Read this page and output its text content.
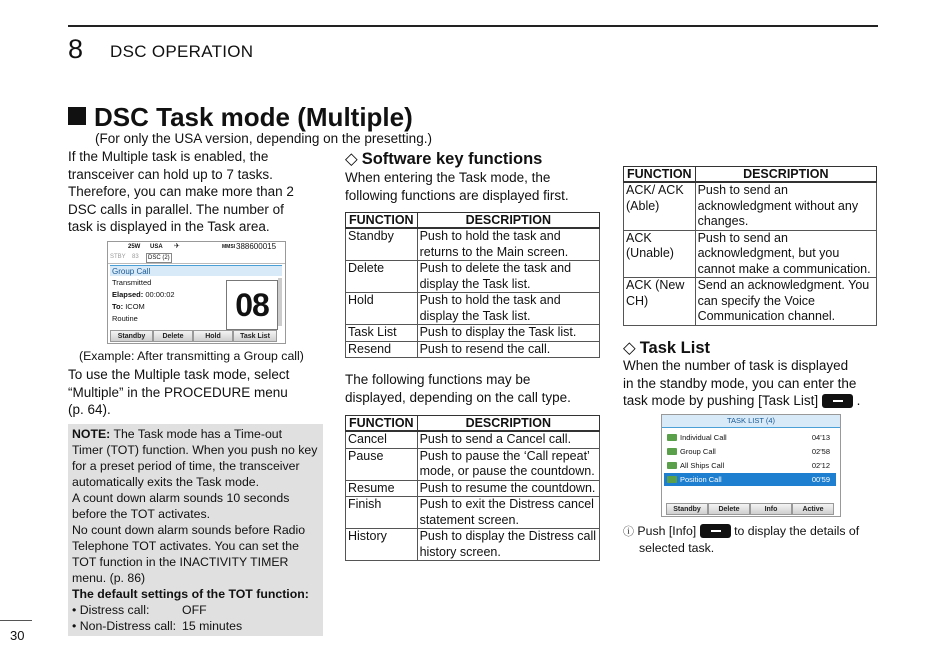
8 DSC OPERATION
DSC Task mode (Multiple)
(For only the USA version, depending on the presetting.)
If the Multiple task is enabled, the
transceiver can hold up to 7 tasks.
Therefore, you can make more than 2
DSC calls in parallel. The number of
task is displayed in the Task area.
25W USA ✈	MMSI 388600015
STBY 83	DSC (2)
Group Call
Transmitted
Elapsed: 00:00:02
To: ICOM
Routine	08
Standby	Delete	Hold	Task List
(Example: After transmitting a Group call)
To use the Multiple task mode, select
“Multiple” in the PROCEDURE menu
(p. 64).
NOTE: The Task mode has a Time-out
Timer (TOT) function. When you push no key
for a preset period of time, the transceiver
automatically exits the Task mode.
A count down alarm sounds 10 seconds
before the TOT activates.
No count down alarm sounds before Radio
Telephone TOT activates. You can set the
TOT function in the INACTIVITY TIMER
menu. (p. 86)
The default settings of the TOT function:
• Distress call:	OFF
• Non-Distress call: 15 minutes
◇ Software key functions
When entering the Task mode, the
following functions are displayed first.
FUNCTION	DESCRIPTION
Standby	Push to hold the task and returns to the Main screen.
Delete	Push to delete the task and display the Task list.
Hold	Push to hold the task and display the Task list.
Task List	Push to display the Task list.
Resend	Push to resend the call.
The following functions may be
displayed, depending on the call type.
FUNCTION	DESCRIPTION
Cancel	Push to send a Cancel call.
Pause	Push to pause the ‘Call repeat’ mode, or pause the countdown.
Resume	Push to resume the countdown.
Finish	Push to exit the Distress cancel statement screen.
History	Push to display the Distress call history screen.
FUNCTION	DESCRIPTION
ACK/ ACK (Able)	Push to send an acknowledgment without any changes.
ACK (Unable)	Push to send an acknowledgment, but you cannot make a communication.
ACK (New CH)	Send an acknowledgment. You can specify the Voice Communication channel.
◇ Task List
When the number of task is displayed
in the standby mode, you can enter the
task mode by pushing [Task List]	.
TASK LIST (4)
Individual Call	04'13
Group Call	02'58
All Ships Call	02'12
Position Call	00'59
Standby	Delete	Info	Active
ⓘ Push [Info]	to display the details of
selected task.
30
